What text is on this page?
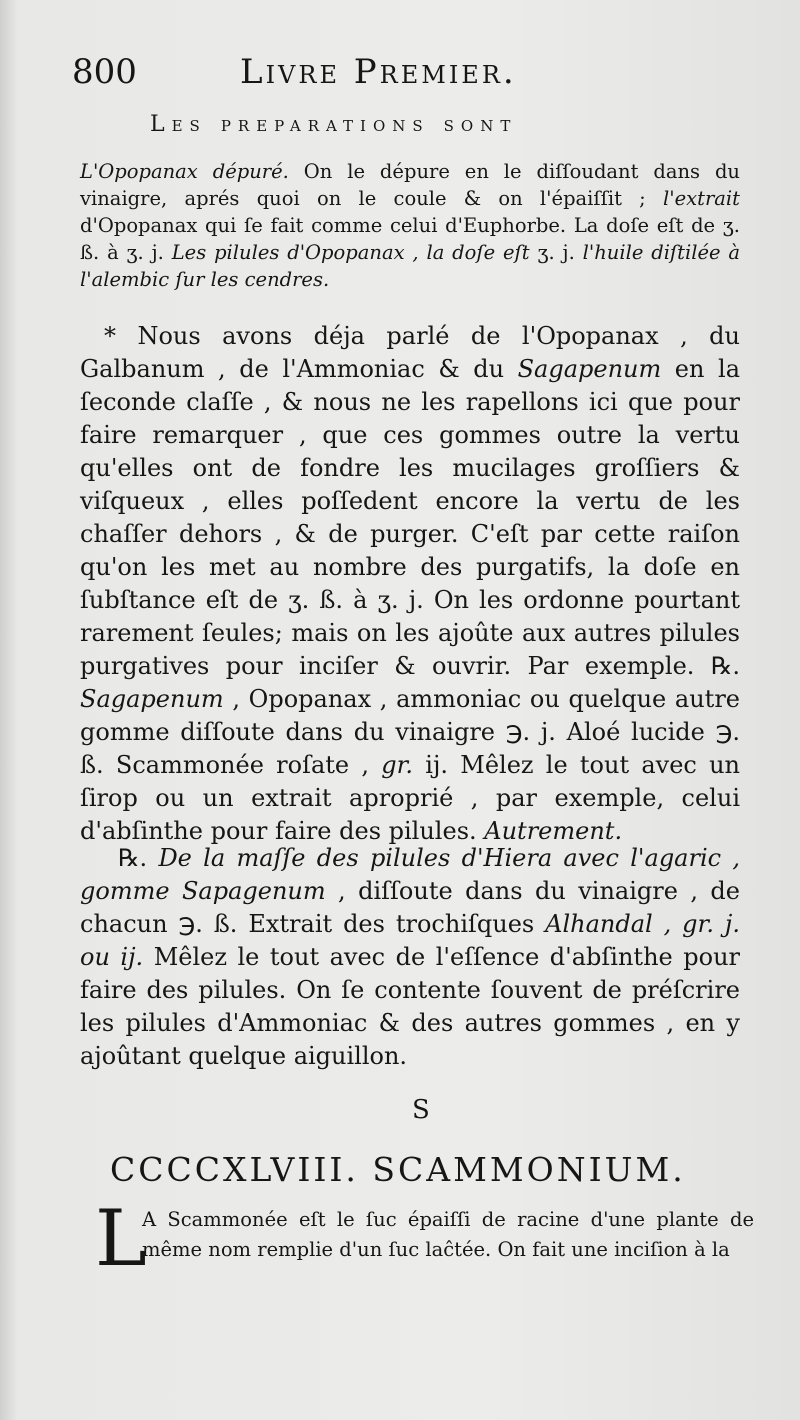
800	Livre Premier.
Les preparations sont

L'Opopanax dépuré. On le dépure en le diſſoudant dans du vinaigre, aprés quoi on le coule & on l'épaiſſit ; l'extrait d'Opopanax qui ſe fait comme celui d'Euphorbe. La doſe eſt de ʒ. ß. à ʒ. j. Les pilules d'Opopanax , la doſe eſt ʒ. j. l'huile diſtilée à l'alembic ſur les cendres.

* Nous avons déja parlé de l'Opopanax , du Galbanum , de l'Ammoniac & du Sagapenum en la ſeconde claſſe , & nous ne les rapellons ici que pour faire remarquer , que ces gommes outre la vertu qu'elles ont de fondre les mucilages groſſiers & viſqueux , elles poſſedent encore la vertu de les chaſſer dehors , & de purger. C'eſt par cette raiſon qu'on les met au nombre des purgatifs, la doſe en ſubſtance eſt de ʒ. ß. à ʒ. j. On les ordonne pourtant rarement ſeules; mais on les ajoûte aux autres pilules purgatives pour inciſer & ouvrir. Par exemple. ℞. Sagapenum , Opopanax , ammoniac ou quelque autre gomme diſſoute dans du vinaigre ℈. j. Aloé lucide ℈. ß. Scammonée roſate , gr. ij. Mêlez le tout avec un ſirop ou un extrait aproprié , par exemple, celui d'abſinthe pour faire des pilules. Autrement.

℞. De la maſſe des pilules d'Hiera avec l'agaric , gomme Sapagenum , diſſoute dans du vinaigre , de chacun ℈. ß. Extrait des trochiſques Alhandal , gr. j. ou ij. Mêlez le tout avec de l'eſſence d'abſinthe pour faire des pilules. On ſe contente ſouvent de préſcrire les pilules d'Ammoniac & des autres gommes , en y ajoûtant quelque aiguillon.

S
CCCCXLVIII. SCAMMONIUM.
L

A Scammonée eſt le ſuc épaiſſi de racine d'une plante de même nom remplie d'un ſuc laĉtée. On fait une inciſion à la
